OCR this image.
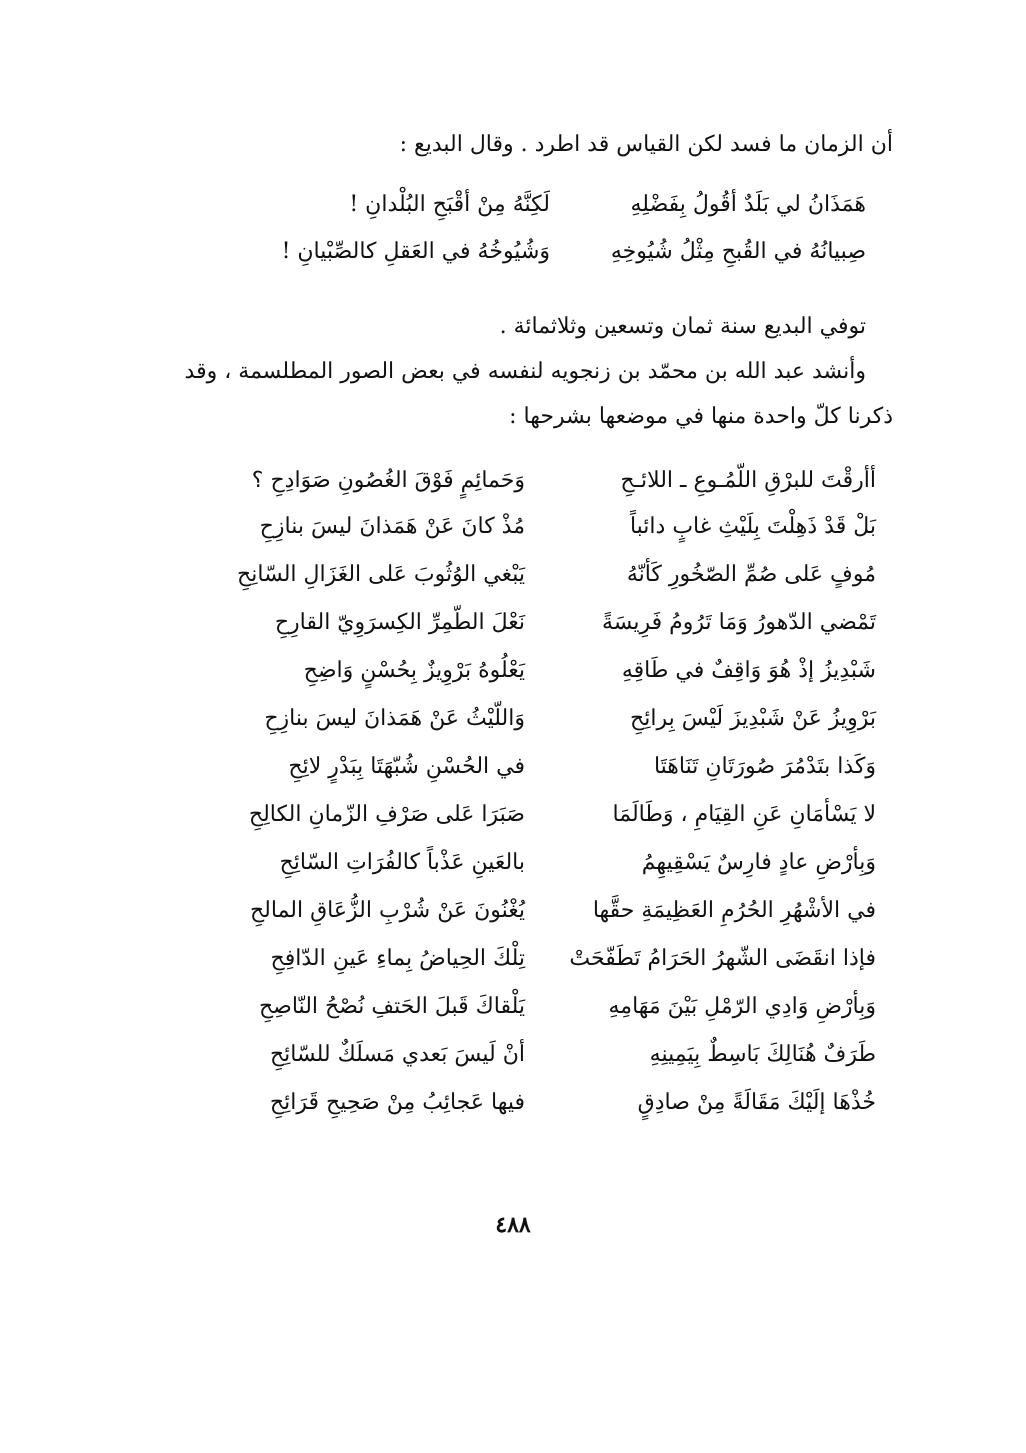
أن الزمان ما فسد لكن القياس قد اطرد . وقال البديع :
هَمَذَانُ لي بَلَدٌ أقُولُ بِفَضْلِهِ
لَكِنَّهُ مِنْ أقْبَحِ البُلْدانِ !
صِبيانُهُ في القُبحِ مِثْلُ شُيُوخِهِ
وَشُيُوخُهُ في العَقلِ كالصِّبْيانِ !
توفي البديع سنة ثمان وتسعين وثلاثمائة .
وأنشد عبد الله بن محمّد بن زنجويه لنفسه في بعض الصور المطلسمة ، وقد
ذكرنا كلّ واحدة منها في موضعها بشرحها :
أأرقْتَ للبرْقِ اللّمُـوعِ ـ اللائـحِ
وَحَمائِمٍ فَوْقَ الغُصُونِ صَوَادِحِ ؟
بَلْ قَدْ ذَهِلْتَ بِلَيْثِ غابٍ دائباً
مُذْ كانَ عَنْ هَمَذانَ ليسَ بنازِحِ
مُوفٍ عَلى صُمِّ الصّخُورِ كَأنّهُ
يَبْغي الوُثُوبَ عَلى الغَزَالِ السّانِحِ
تَمْضي الدّهورُ وَمَا تَرُومُ فَرِيسَةً
نَعْلَ الطّمِرِّ الكِسرَوِيّ القارِحِ
شَبْدِيزُ إذْ هُوَ وَاقِفٌ في طَاقِهِ
يَعْلُوهُ بَرْوِيزٌ بِحُسْنٍ وَاضِحِ
بَرْوِيزُ عَنْ شَبْدِيزَ لَيْسَ بِرائِحِ
وَاللّيْثُ عَنْ هَمَذانَ ليسَ بنازِحِ
وَكَذا بتَدْمُرَ صُورَتَانِ تَنَاهَتَا
في الحُسْنِ شُبّهَتَا بِبَدْرٍ لائِحِ
لا يَسْأمَانِ عَنِ القِيَامِ ، وَطَالَمَا
صَبَرَا عَلى صَرْفِ الزّمانِ الكالِحِ
وَبِأرْضِ عادٍ فارِسٌ يَسْقِيهِمُ
بالعَينِ عَذْباً كالفُرَاتِ السّائِحِ
في الأشْهُرِ الحُرُمِ العَظِيمَةِ حقَّها
يُغْنُونَ عَنْ شُرْبِ الزُّعَاقِ المالحِ
فإذا انقَضَى الشّهرُ الحَرَامُ تَطَفّحَتْ
تِلْكَ الحِياضُ بِماءِ عَينِ الدّافِحِ
وَبِأرْضِ وَادِي الرّمْلِ بَيْنَ مَهَامِهِ
يَلْقاكَ قَبلَ الحَتفِ نُصْحُ النّاصِحِ
طَرَفٌ هُنَالِكَ بَاسِطٌ بِيَمِينِهِ
أنْ لَيسَ بَعدي مَسلَكٌ للسّائِحِ
خُذْهَا إلَيْكَ مَقَالَةً مِنْ صادِقٍ
فيها عَجائِبُ مِنْ صَحِيحِ قَرَائِحِ
٤٨٨
